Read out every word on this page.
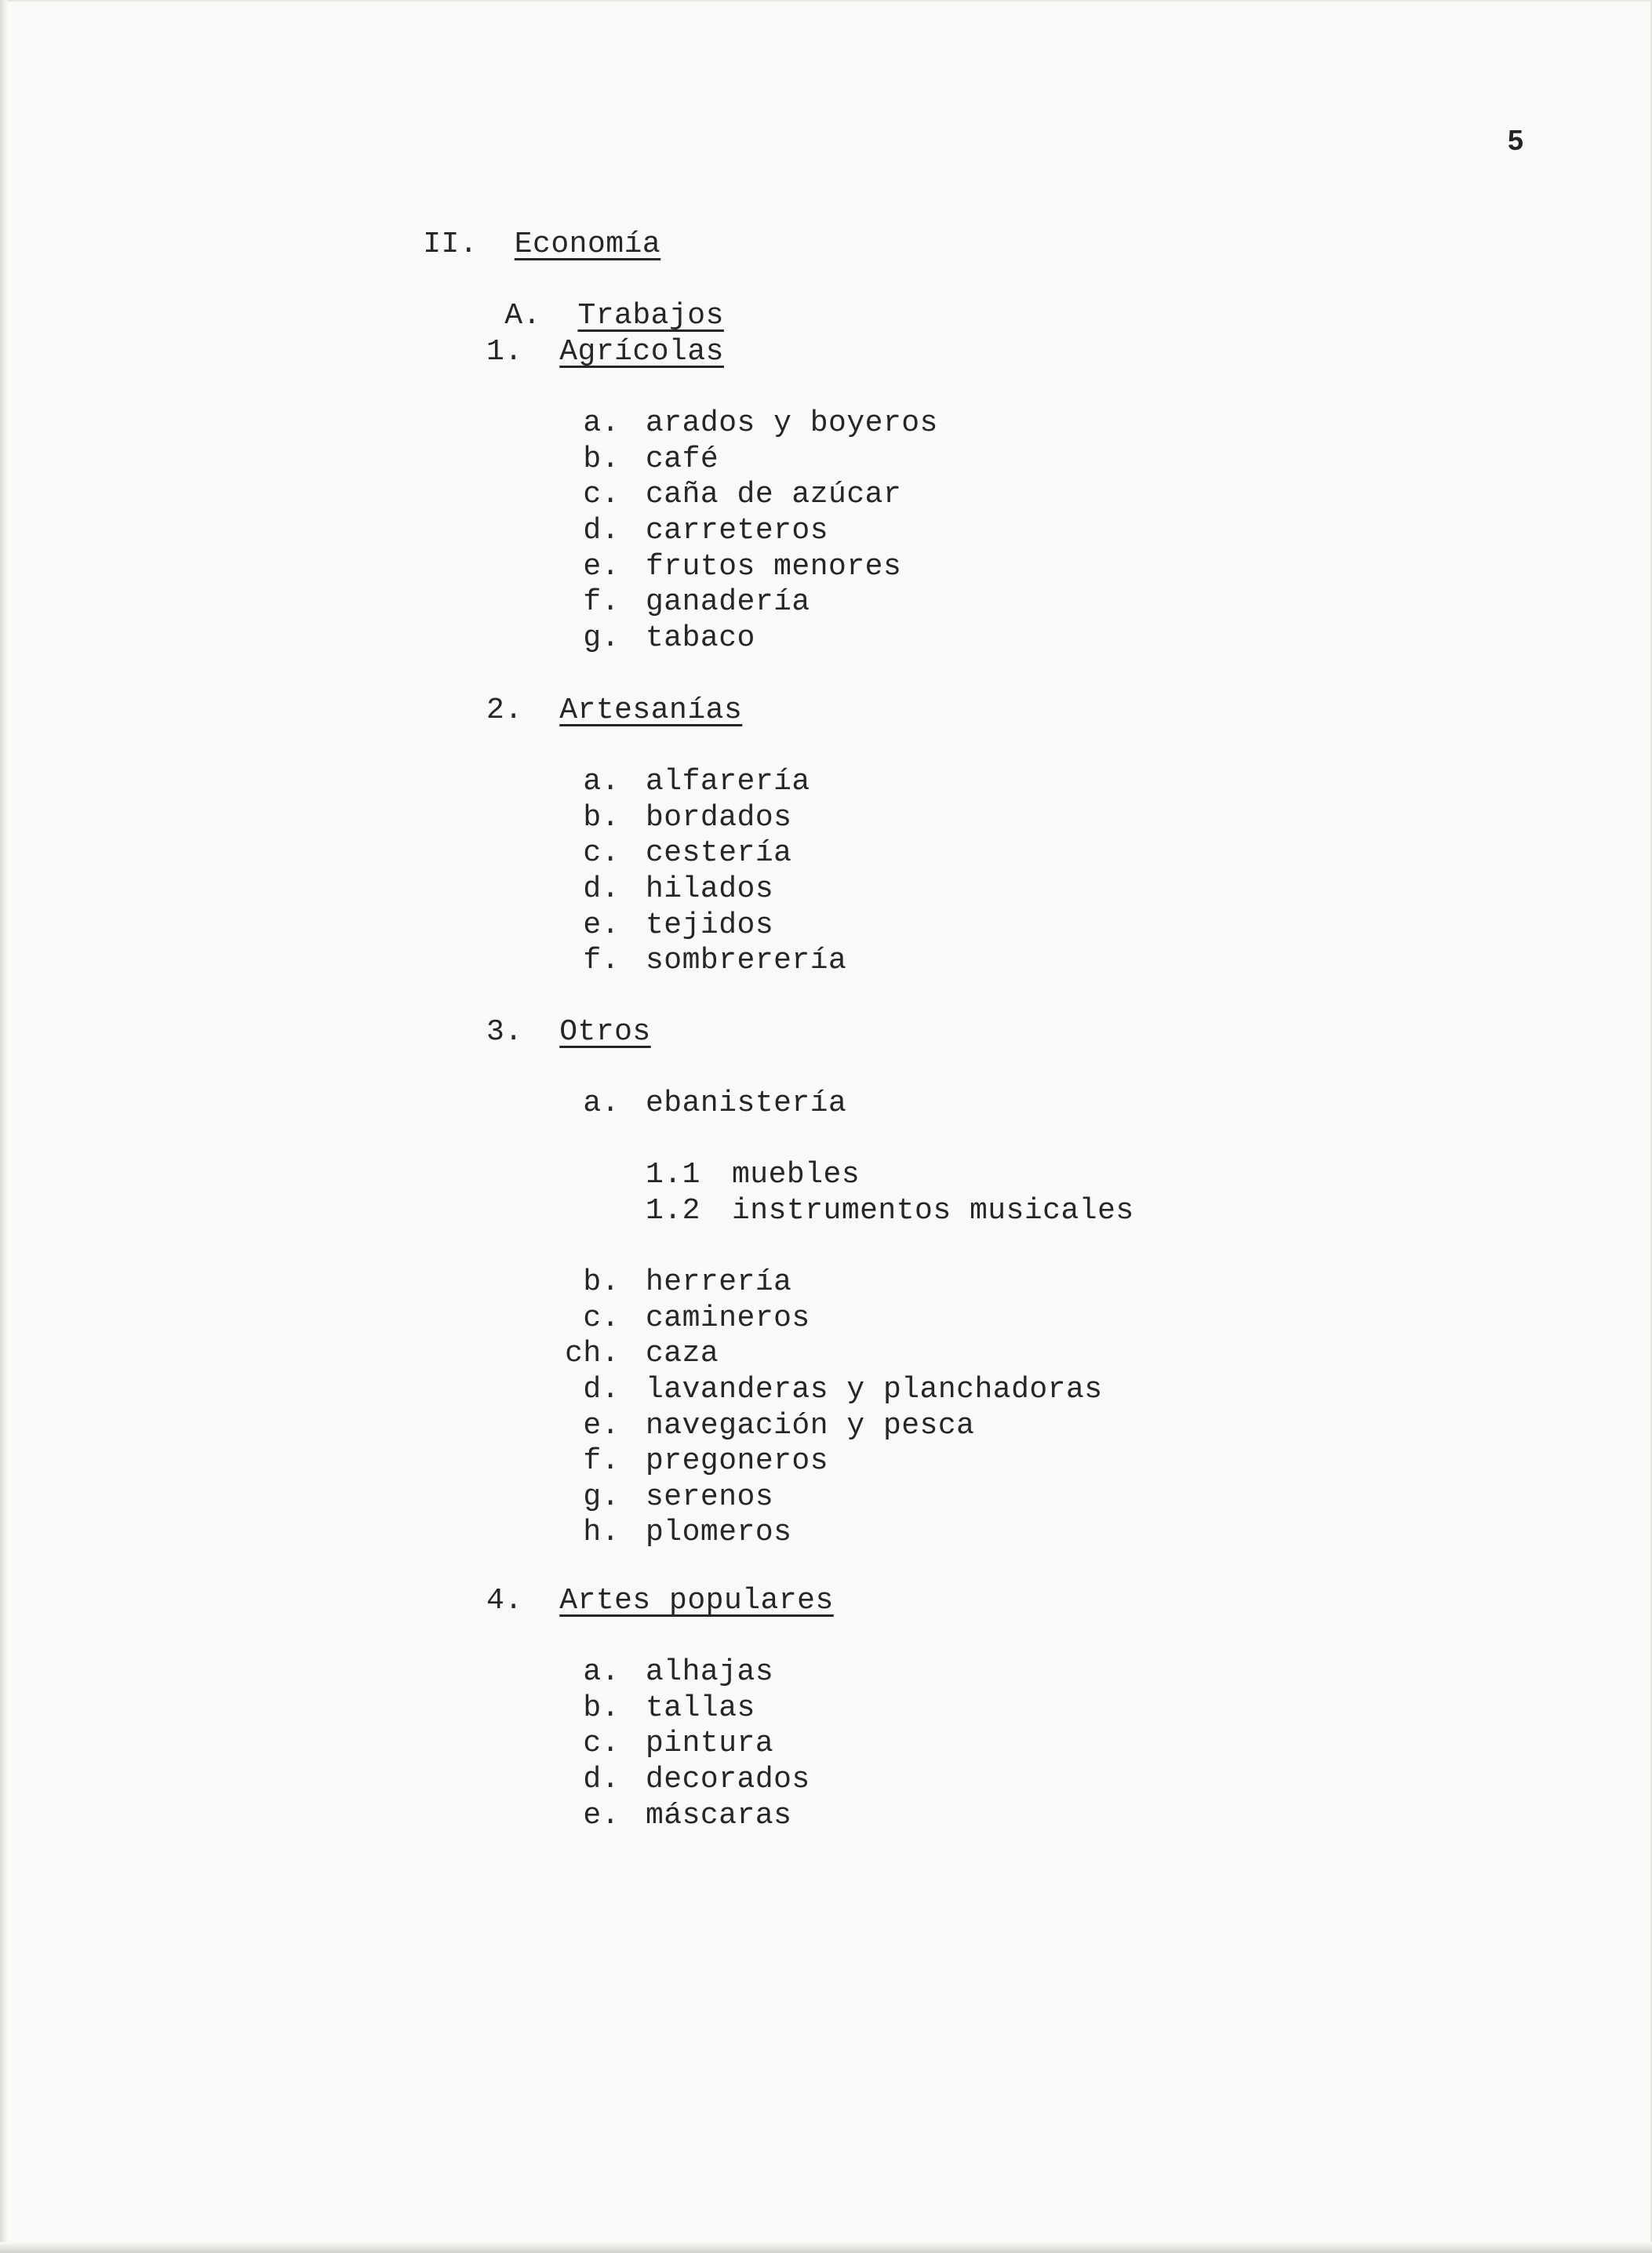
5

II. Economía

A. Trabajos

1. Agrícolas
a. arados y boyeros
b. café
c. caña de azúcar
d. carreteros
e. frutos menores
f. ganadería
g. tabaco
2. Artesanías
a. alfarería
b. bordados
c. cestería
d. hilados
e. tejidos
f. sombrerería
3. Otros
a. ebanistería
1.1 muebles
1.2 instrumentos musicales
b. herrería
c. camineros
ch. caza
d. lavanderas y planchadoras
e. navegación y pesca
f. pregoneros
g. serenos
h. plomeros
4. Artes populares
a. alhajas
b. tallas
c. pintura
d. decorados
e. máscaras
